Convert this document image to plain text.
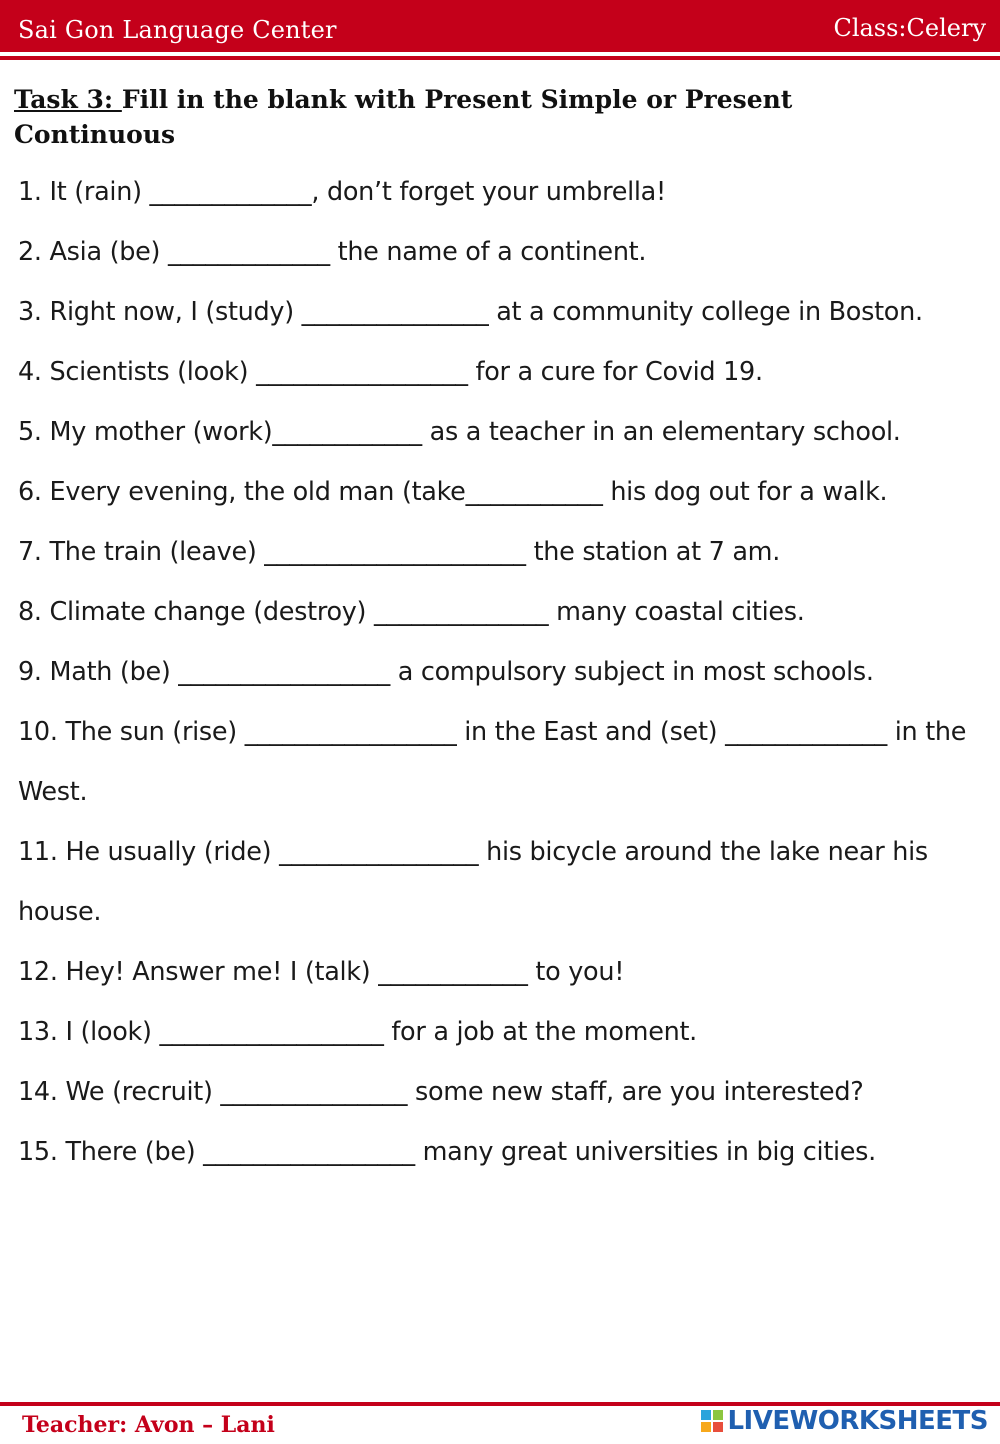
Sai Gon Language Center	Class:Celery
Task 3: Fill in the blank with Present Simple or Present Continuous
1. It (rain) _____________, don’t forget your umbrella!
2. Asia (be) _____________ the name of a continent.
3. Right now, I (study) _______________ at a community college in Boston.
4. Scientists (look) _________________ for a cure for Covid 19.
5. My mother (work)____________ as a teacher in an elementary school.
6. Every evening, the old man (take___________ his dog out for a walk.
7. The train (leave) _____________________ the station at 7 am.
8. Climate change (destroy) ______________ many coastal cities.
9. Math (be) _________________ a compulsory subject in most schools.
10. The sun (rise) _________________ in the East and (set) _____________ in the West.
11. He usually (ride) ________________ his bicycle around the lake near his house.
12. Hey! Answer me! I (talk) ____________ to you!
13. I (look) __________________ for a job at the moment.
14. We (recruit) _______________ some new staff, are you interested?
15. There (be) _________________ many great universities in big cities.
Teacher: Avon – Lani	LIVEWORKSHEETS
